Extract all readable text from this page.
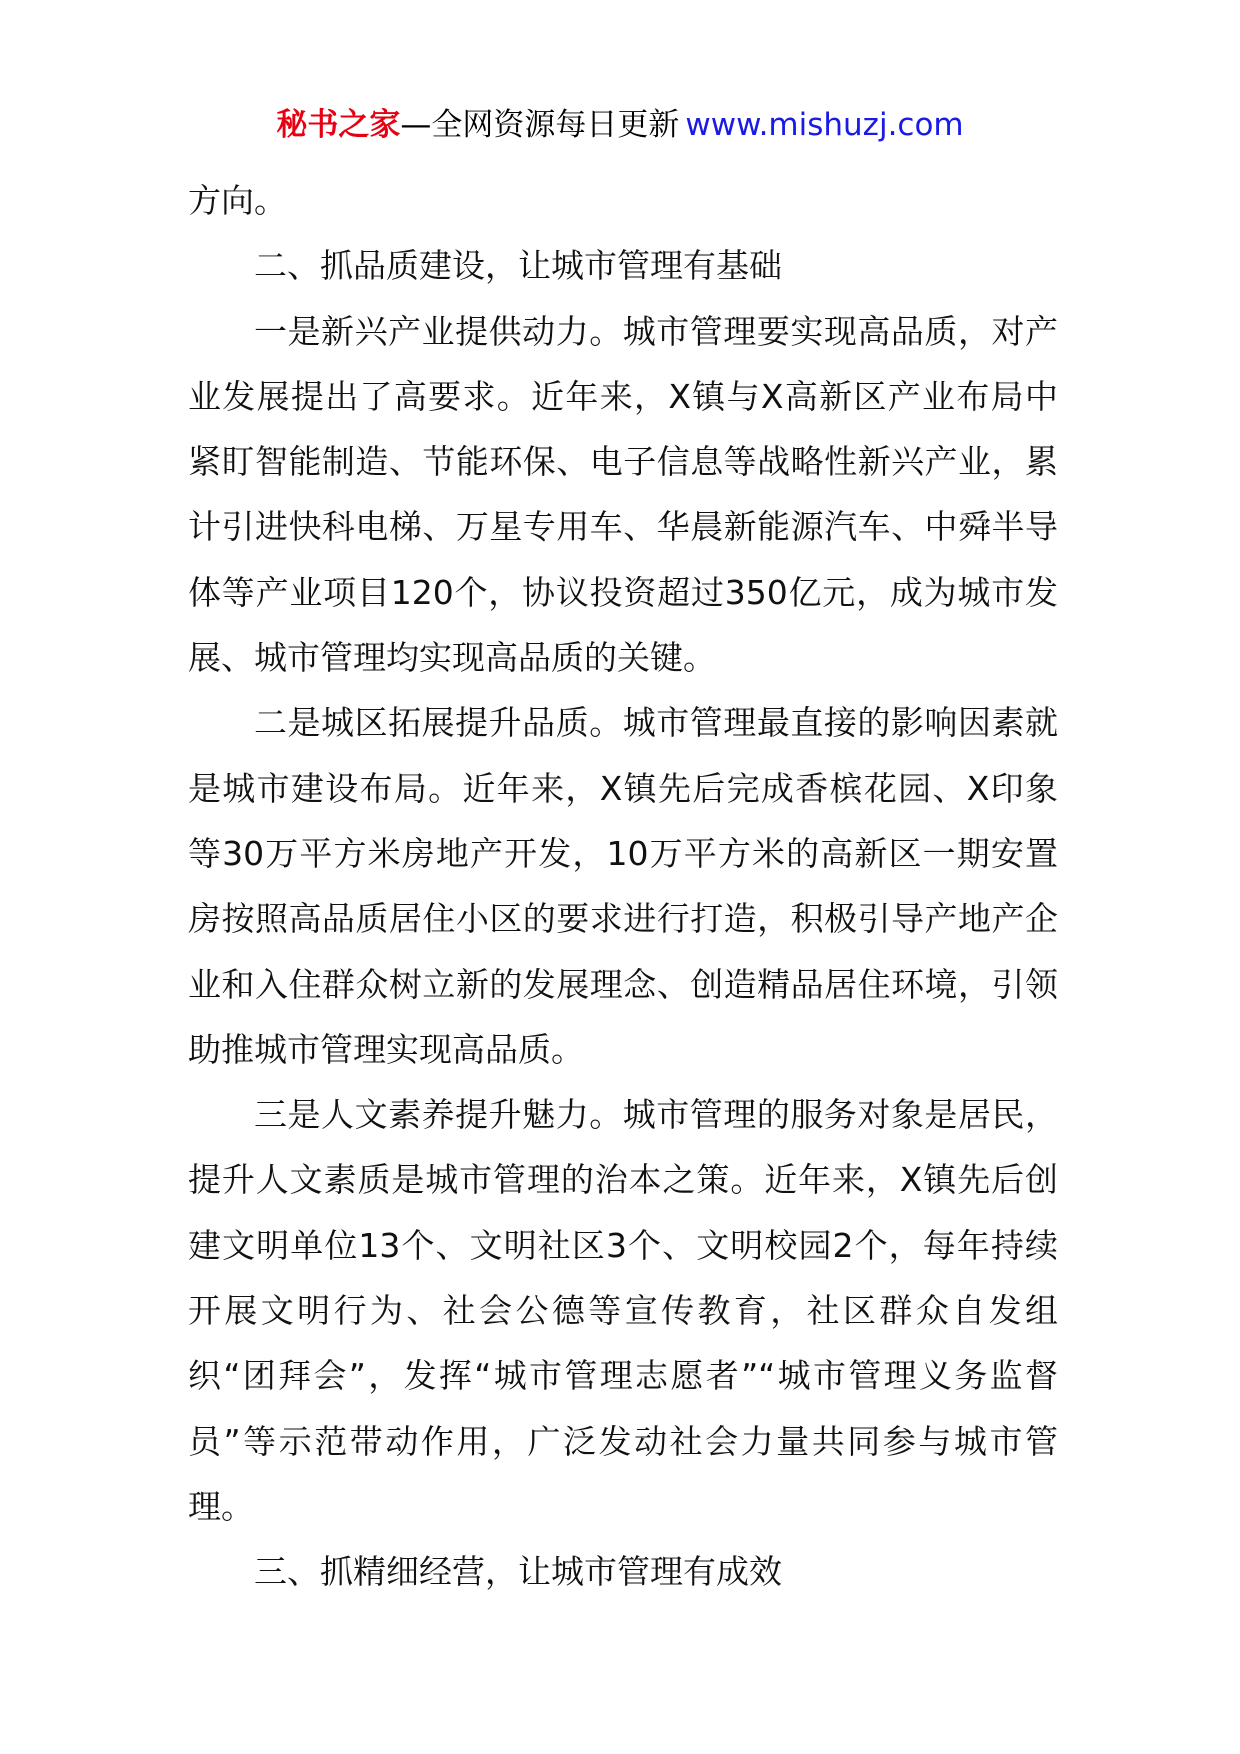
秘书之家—全网资源每日更新 www.mishuzj.com

方向。

二、抓品质建设，让城市管理有基础

一是新兴产业提供动力。城市管理要实现高品质，对产业发展提出了高要求。近年来，X镇与X高新区产业布局中紧盯智能制造、节能环保、电子信息等战略性新兴产业，累计引进快科电梯、万星专用车、华晨新能源汽车、中舜半导体等产业项目120个，协议投资超过350亿元，成为城市发展、城市管理均实现高品质的关键。

二是城区拓展提升品质。城市管理最直接的影响因素就是城市建设布局。近年来，X镇先后完成香槟花园、X印象等30万平方米房地产开发，10万平方米的高新区一期安置房按照高品质居住小区的要求进行打造，积极引导产地产企业和入住群众树立新的发展理念、创造精品居住环境，引领助推城市管理实现高品质。

三是人文素养提升魅力。城市管理的服务对象是居民，提升人文素质是城市管理的治本之策。近年来，X镇先后创建文明单位13个、文明社区3个、文明校园2个，每年持续开展文明行为、社会公德等宣传教育，社区群众自发组织“团拜会”，发挥“城市管理志愿者”“城市管理义务监督员”等示范带动作用，广泛发动社会力量共同参与城市管理。

三、抓精细经营，让城市管理有成效
